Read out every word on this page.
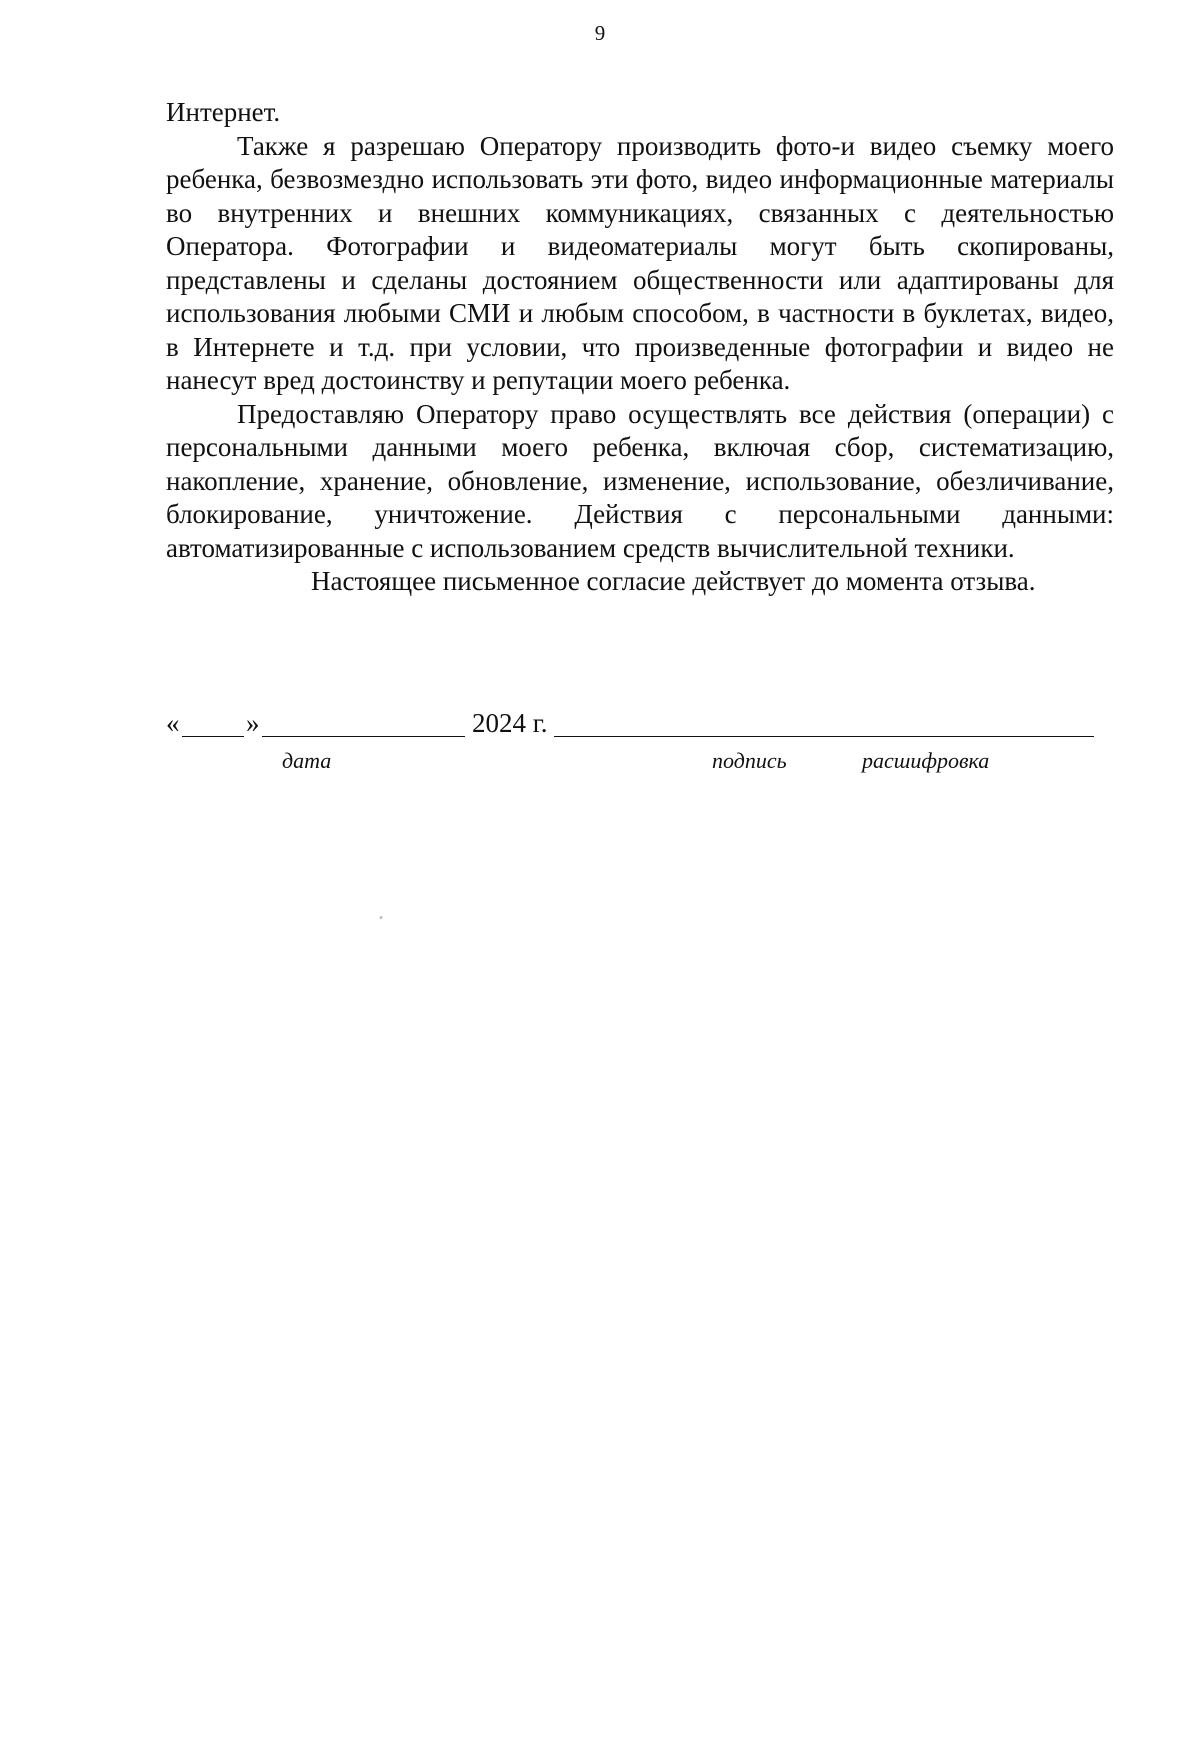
9

Интернет.

Также я разрешаю Оператору производить фото-и видео съемку моего ребенка, безвозмездно использовать эти фото, видео информационные материалы во внутренних и внешних коммуникациях, связанных с деятельностью Оператора. Фотографии и видеоматериалы могут быть скопированы, представлены и сделаны достоянием общественности или адаптированы для использования любыми СМИ и любым способом, в частности в буклетах, видео, в Интернете и т.д. при условии, что произведенные фотографии и видео не нанесут вред достоинству и репутации моего ребенка.

Предоставляю Оператору право осуществлять все действия (операции) с персональными данными моего ребенка, включая сбор, систематизацию, накопление, хранение, обновление, изменение, использование, обезличивание, блокирование, уничтожение. Действия с персональными данными: автоматизированные с использованием средств вычислительной техники.

Настоящее письменное согласие действует до момента отзыва.

« »	2024 г.
дата	подпись	расшифровка
